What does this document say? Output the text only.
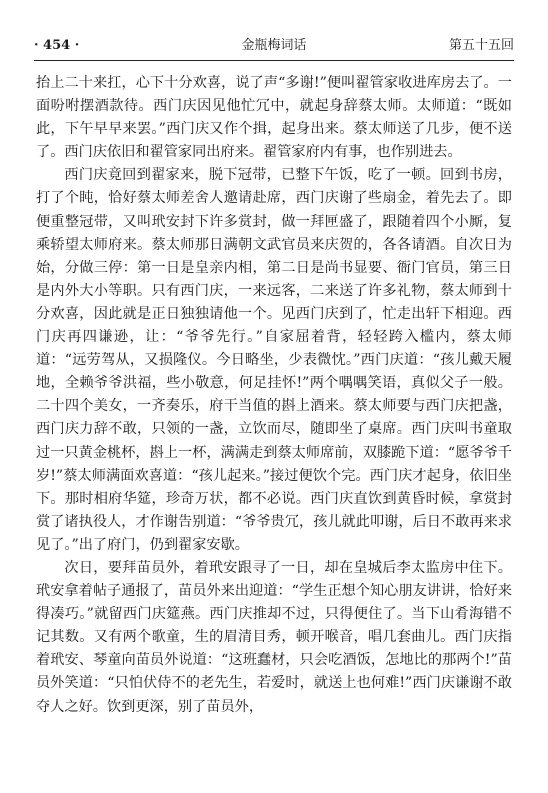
· 454 ·	金瓶梅词话	第五十五回

抬上二十来扛，心下十分欢喜，说了声“多谢!”便叫翟管家收进库房去了。一面吩咐摆酒款待。西门庆因见他忙冗中，就起身辞蔡太师。太师道：“既如此，下午早早来罢。”西门庆又作个揖，起身出来。蔡太师送了几步，便不送了。西门庆依旧和翟管家同出府来。翟管家府内有事，也作别进去。

西门庆竟回到翟家来，脱下冠带，已整下午饭，吃了一顿。回到书房，打了个盹，恰好蔡太师差舍人邀请赴席，西门庆谢了些扇金，着先去了。即便重整冠带，又叫玳安封下许多赏封，做一拜匣盛了，跟随着四个小厮，复乘轿望太师府来。蔡太师那日满朝文武官员来庆贺的，各各请酒。自次日为始，分做三停：第一日是皇亲内相，第二日是尚书显要、衙门官员，第三日是内外大小等职。只有西门庆，一来远客，二来送了许多礼物，蔡太师到十分欢喜，因此就是正日独独请他一个。见西门庆到了，忙走出轩下相迎。西门庆再四谦逊，让：“爷爷先行。”自家屈着背，轻轻跨入槛内，蔡太师道：“远劳驾从，又损隆仪。今日略坐，少表微忱。”西门庆道：“孩儿戴天履地，全赖爷爷洪福，些小敬意，何足挂怀!”两个喁喁笑语，真似父子一般。二十四个美女，一齐奏乐，府干当值的斟上酒来。蔡太师要与西门庆把盏，西门庆力辞不敢，只领的一盏，立饮而尽，随即坐了桌席。西门庆叫书童取过一只黄金桃杯，斟上一杯，满满走到蔡太师席前，双膝跪下道：“愿爷爷千岁!”蔡太师满面欢喜道：“孩儿起来。”接过便饮个完。西门庆才起身，依旧坐下。那时相府华筵，珍奇万状，都不必说。西门庆直饮到黄昏时候，拿赏封赏了诸执役人，才作谢告别道：“爷爷贵冗，孩儿就此叩谢，后日不敢再来求见了。”出了府门，仍到翟家安歇。

次日，要拜苗员外，着玳安跟寻了一日，却在皇城后李太监房中住下。玳安拿着帖子通报了，苗员外来出迎道：“学生正想个知心朋友讲讲，恰好来得凑巧。”就留西门庆筵燕。西门庆推却不过，只得便住了。当下山肴海错不记其数。又有两个歌童，生的眉清目秀，顿开喉音，唱几套曲儿。西门庆指着玳安、琴童向苗员外说道：“这班蠢材，只会吃酒饭，怎地比的那两个!”苗员外笑道：“只怕伏侍不的老先生，若爱时，就送上也何难!”西门庆谦谢不敢夺人之好。饮到更深，别了苗员外，
